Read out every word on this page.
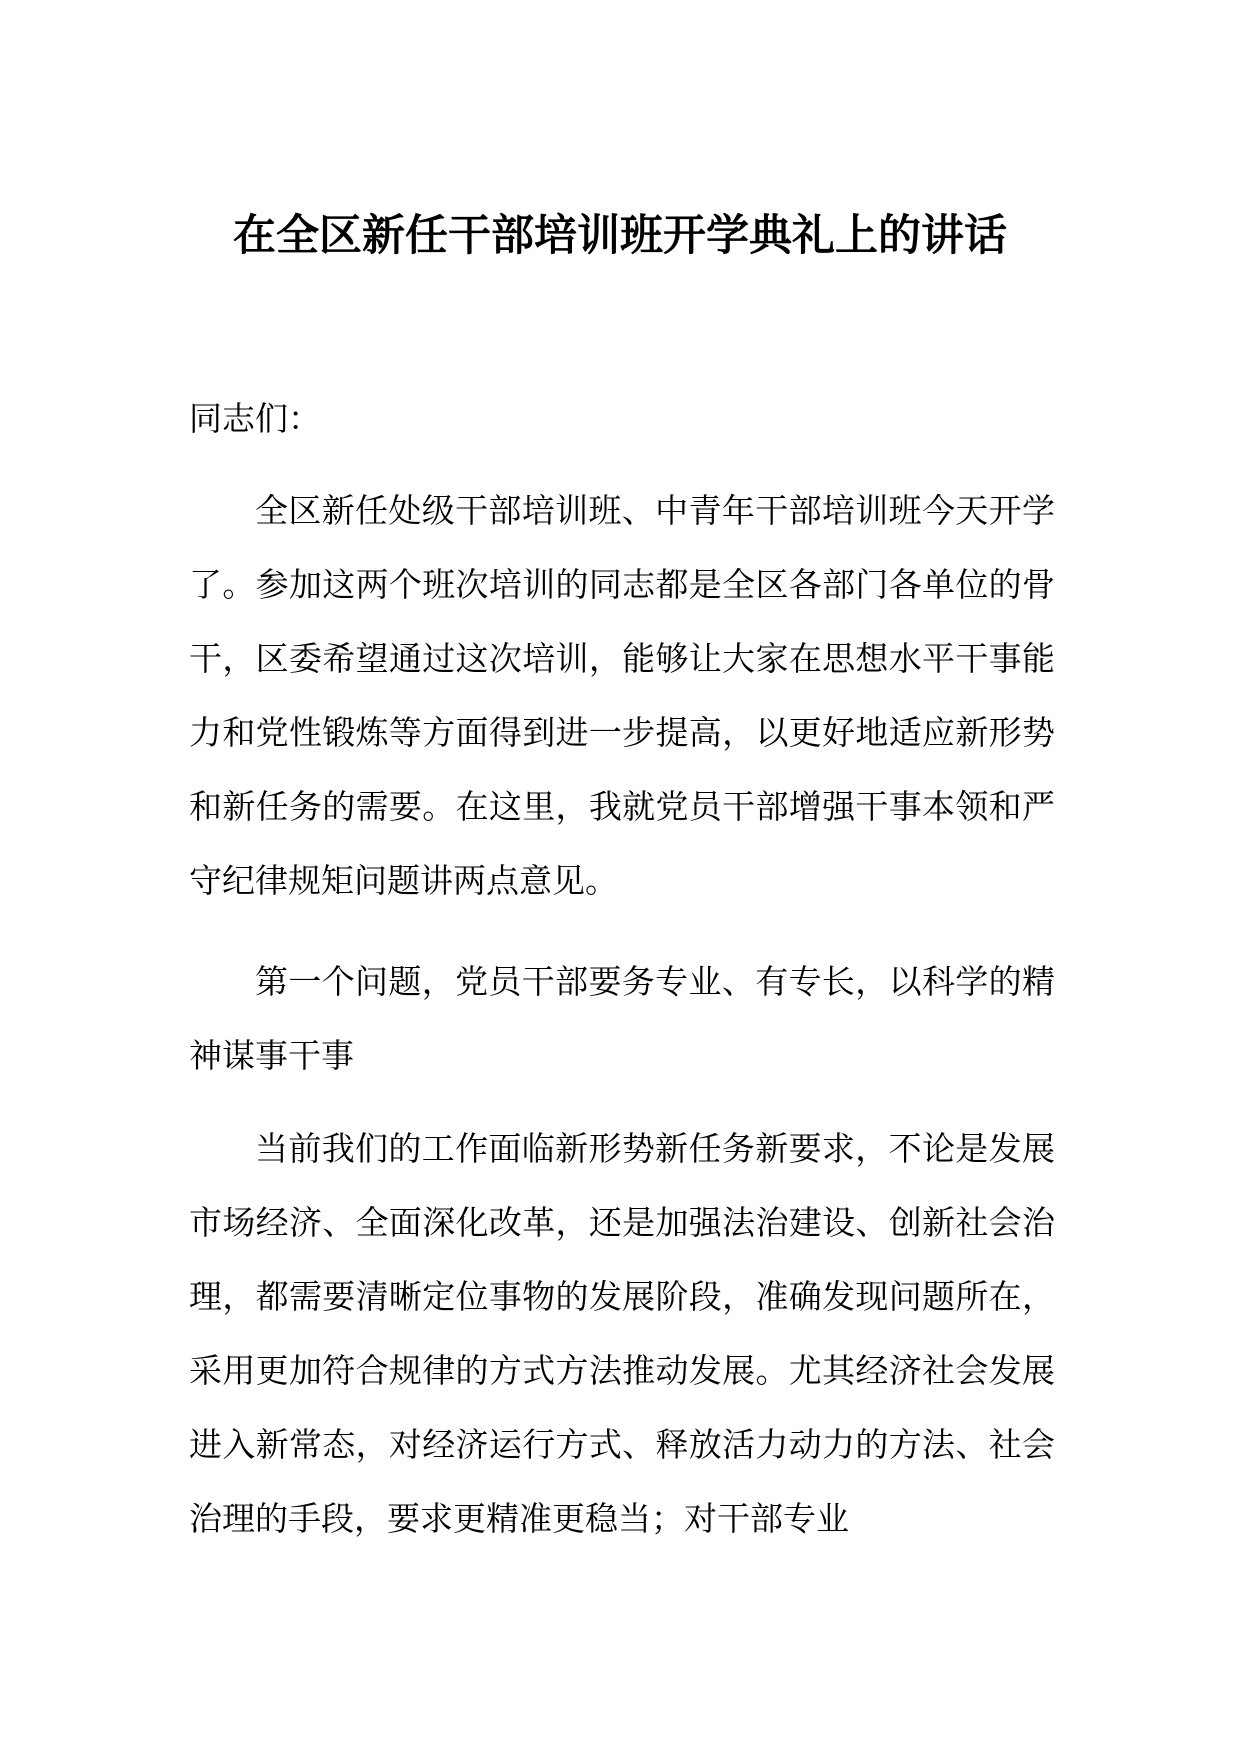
在全区新任干部培训班开学典礼上的讲话
同志们：

全区新任处级干部培训班、中青年干部培训班今天开学了。参加这两个班次培训的同志都是全区各部门各单位的骨干，区委希望通过这次培训，能够让大家在思想水平干事能力和党性锻炼等方面得到进一步提高，以更好地适应新形势和新任务的需要。在这里，我就党员干部增强干事本领和严守纪律规矩问题讲两点意见。

第一个问题，党员干部要务专业、有专长，以科学的精神谋事干事

当前我们的工作面临新形势新任务新要求，不论是发展市场经济、全面深化改革，还是加强法治建设、创新社会治理，都需要清晰定位事物的发展阶段，准确发现问题所在，采用更加符合规律的方式方法推动发展。尤其经济社会发展进入新常态，对经济运行方式、释放活力动力的方法、社会治理的手段，要求更精准更稳当；对干部专业
